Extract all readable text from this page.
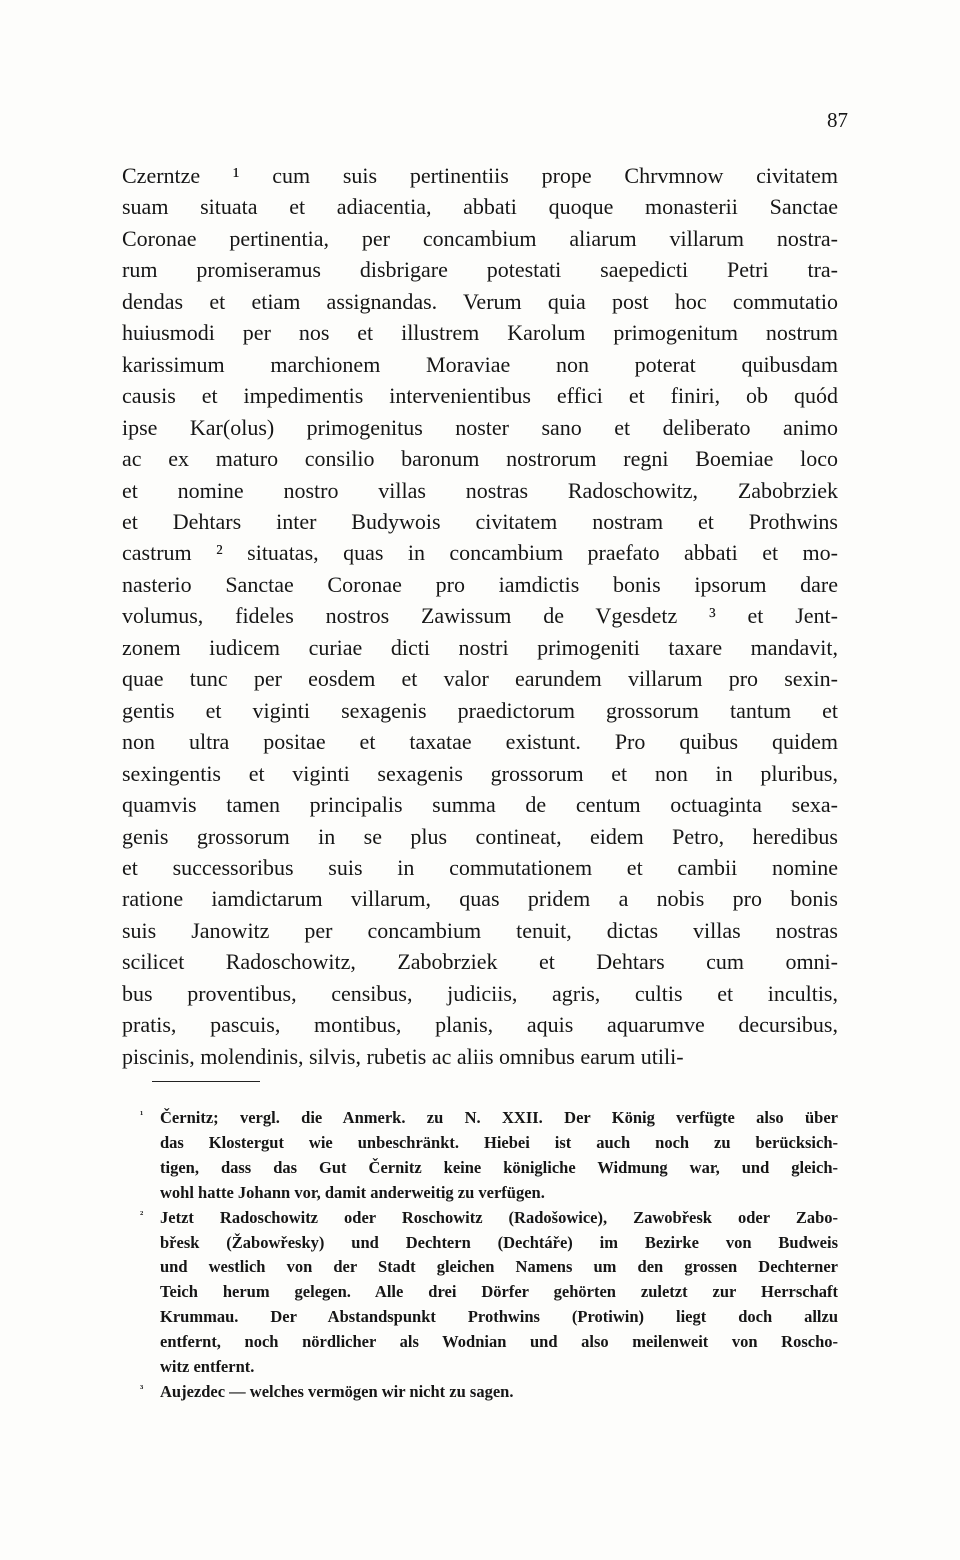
87
Czerntze ¹ cum suis pertinentiis prope Chrvmnow civitatem
suam situata et adiacentia, abbati quoque monasterii Sanctae
Coronae pertinentia, per concambium aliarum villarum nostra-
rum promiseramus disbrigare potestati saepedicti Petri tra-
dendas et etiam assignandas. Verum quia post hoc commutatio
huiusmodi per nos et illustrem Karolum primogenitum nostrum
karissimum marchionem Moraviae non poterat quibusdam
causis et impedimentis intervenientibus effici et finiri, ob quód
ipse Kar(olus) primogenitus noster sano et deliberato animo
ac ex maturo consilio baronum nostrorum regni Boemiae loco
et nomine nostro villas nostras Radoschowitz, Zabobrziek
et Dehtars inter Budywois civitatem nostram et Prothwins
castrum ² situatas, quas in concambium praefato abbati et mo-
nasterio Sanctae Coronae pro iamdictis bonis ipsorum dare
volumus, fideles nostros Zawissum de Vgesdetz ³ et Jent-
zonem iudicem curiae dicti nostri primogeniti taxare mandavit,
quae tunc per eosdem et valor earundem villarum pro sexin-
gentis et viginti sexagenis praedictorum grossorum tantum et
non ultra positae et taxatae existunt. Pro quibus quidem
sexingentis et viginti sexagenis grossorum et non in pluribus,
quamvis tamen principalis summa de centum octuaginta sexa-
genis grossorum in se plus contineat, eidem Petro, heredibus
et successoribus suis in commutationem et cambii nomine
ratione iamdictarum villarum, quas pridem a nobis pro bonis
suis Janowitz per concambium tenuit, dictas villas nostras
scilicet Radoschowitz, Zabobrziek et Dehtars cum omni-
bus proventibus, censibus, judiciis, agris, cultis et incultis,
pratis, pascuis, montibus, planis, aquis aquarumve decursibus,
piscinis, molendinis, silvis, rubetis ac aliis omnibus earum utili-
¹ Černitz; vergl. die Anmerk. zu N. XXII. Der König verfügte also über
das Klostergut wie unbeschränkt. Hiebei ist auch noch zu berücksich-
tigen, dass das Gut Černitz keine königliche Widmung war, und gleich-
wohl hatte Johann vor, damit anderweitig zu verfügen.
² Jetzt Radoschowitz oder Roschowitz (Radošowice), Zawobřesk oder Zabo-
břesk (Žabowřesky) und Dechtern (Dechtáře) im Bezirke von Budweis
und westlich von der Stadt gleichen Namens um den grossen Dechterner
Teich herum gelegen. Alle drei Dörfer gehörten zuletzt zur Herrschaft
Krummau. Der Abstandspunkt Prothwins (Protiwin) liegt doch allzu
entfernt, noch nördlicher als Wodnian und also meilenweit von Roscho-
witz entfernt.
³ Aujezdec — welches vermögen wir nicht zu sagen.
